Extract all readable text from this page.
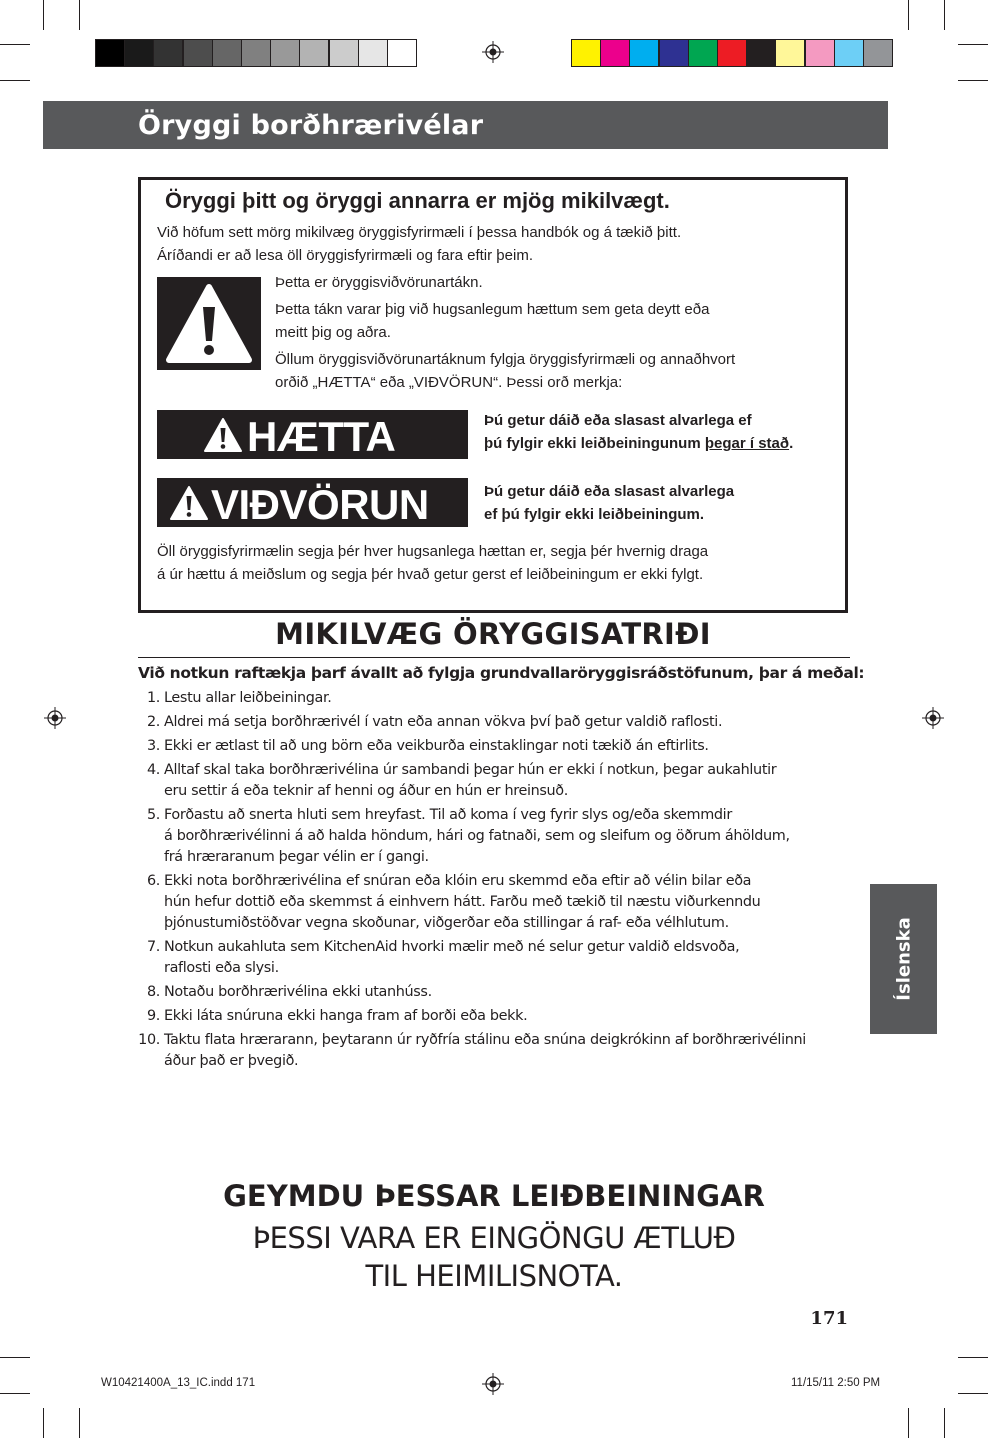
Öryggi borðhrærivélar
Öryggi þitt og öryggi annarra er mjög mikilvægt.
Við höfum sett mörg mikilvæg öryggisfyrirmæli í þessa handbók og á tækið þitt.
Áríðandi er að lesa öll öryggisfyrirmæli og fara eftir þeim.
Þetta er öryggisviðvörunartákn.
Þetta tákn varar þig við hugsanlegum hættum sem geta deytt eða
meitt þig og aðra.
Öllum öryggisviðvörunartáknum fylgja öryggisfyrirmæli og annaðhvort
orðið „HÆTTA“ eða „VIÐVÖRUN“. Þessi orð merkja:
HÆTTA	Þú getur dáið eða slasast alvarlega ef
þú fylgir ekki leiðbeiningunum þegar í stað.
VIÐVÖRUN	Þú getur dáið eða slasast alvarlega
ef þú fylgir ekki leiðbeiningum.
Öll öryggisfyrirmælin segja þér hver hugsanlega hættan er, segja þér hvernig draga
á úr hættu á meiðslum og segja þér hvað getur gerst ef leiðbeiningum er ekki fylgt.
MIKILVÆG ÖRYGGISATRIÐI
Við notkun raftækja þarf ávallt að fylgja grundvallaröryggisráðstöfunum, þar á meðal:
1. Lestu allar leiðbeiningar.
2. Aldrei má setja borðhrærivél í vatn eða annan vökva því það getur valdið raflosti.
3. Ekki er ætlast til að ung börn eða veikburða einstaklingar noti tækið án eftirlits.
4. Alltaf skal taka borðhrærivélina úr sambandi þegar hún er ekki í notkun, þegar aukahlutir
eru settir á eða teknir af henni og áður en hún er hreinsuð.
5. Forðastu að snerta hluti sem hreyfast. Til að koma í veg fyrir slys og/eða skemmdir
á borðhrærivélinni á að halda höndum, hári og fatnaði, sem og sleifum og öðrum áhöldum,
frá hræraranum þegar vélin er í gangi.
6. Ekki nota borðhrærivélina ef snúran eða klóin eru skemmd eða eftir að vélin bilar eða
hún hefur dottið eða skemmst á einhvern hátt. Farðu með tækið til næstu viðurkenndu
þjónustumiðstöðvar vegna skoðunar, viðgerðar eða stillingar á raf- eða vélhlutum.
7. Notkun aukahluta sem KitchenAid hvorki mælir með né selur getur valdið eldsvoða,
raflosti eða slysi.
8. Notaðu borðhrærivélina ekki utanhúss.
9. Ekki láta snúruna ekki hanga fram af borði eða bekk.
10. Taktu flata hræraran​n, þeytarann úr ryðfría stálinu eða snúna deigkrókinn af borðhrærivélinni
áður það er þvegið.
Íslenska
GEYMDU ÞESSAR LEIÐBEININGAR
ÞESSI VARA ER EINGÖNGU ÆTLUÐ
TIL HEIMILISNOTA.
171
W10421400A_13_IC.indd 171	11/15/11 2:50 PM
